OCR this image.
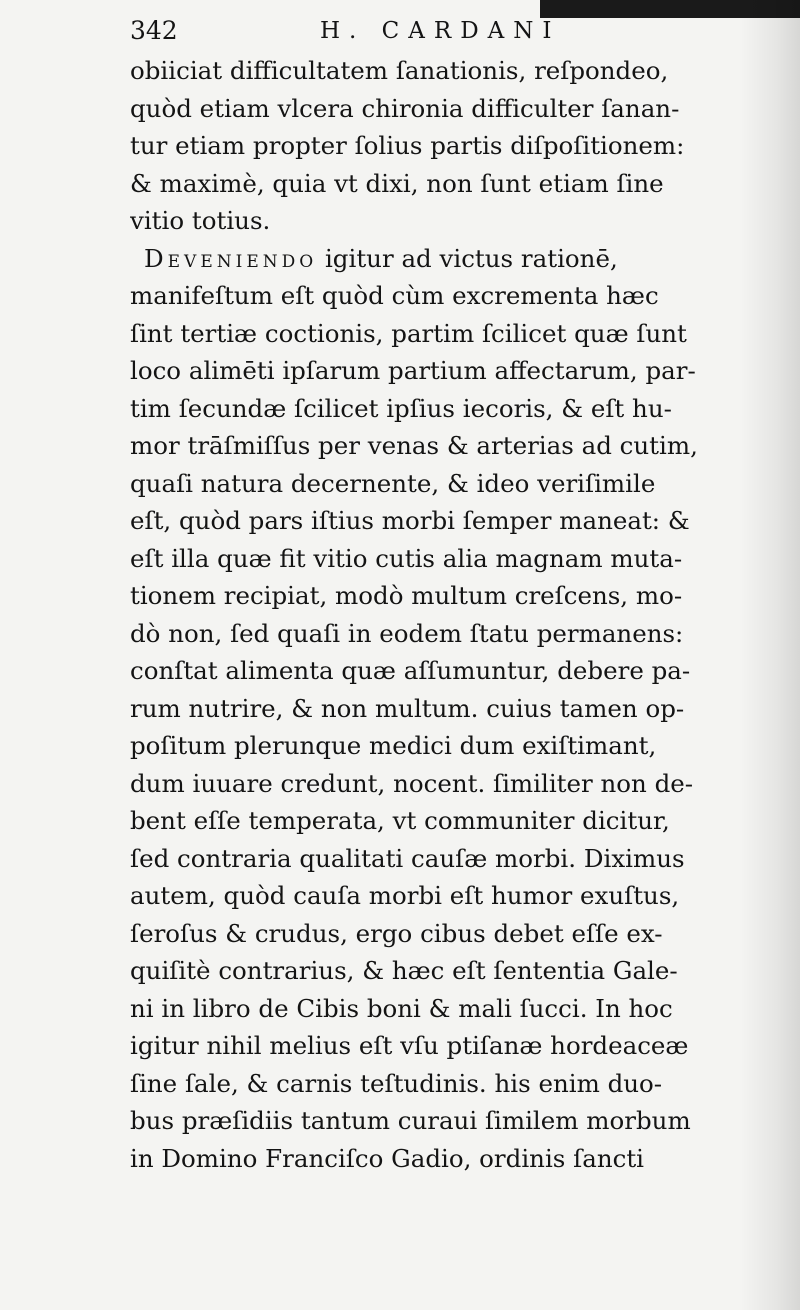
342	H. CARDANI
obiiciat difficultatem ſanationis, reſpondeo,
quòd etiam vlcera chironia difficulter ſanan-
tur etiam propter ſolius partis diſpoſitionem:
& maximè, quia vt dixi, non ſunt etiam ſine
vitio totius.
Deveniendo igitur ad victus rationē,
manifeſtum eſt quòd cùm excrementa hæc
ſint tertiæ coctionis, partim ſcilicet quæ ſunt
loco alimēti ipſarum partium affectarum, par-
tim ſecundæ ſcilicet ipſius iecoris, & eſt hu-
mor trāſmiſſus per venas & arterias ad cutim,
quaſi natura decernente, & ideo veriſimile
eſt, quòd pars iſtius morbi ſemper maneat: &
eſt illa quæ fit vitio cutis alia magnam muta-
tionem recipiat, modò multum creſcens, mo-
dò non, ſed quaſi in eodem ſtatu permanens:
conſtat alimenta quæ aſſumuntur, debere pa-
rum nutrire, & non multum. cuius tamen op-
poſitum plerunque medici dum exiſtimant,
dum iuuare credunt, nocent. ſimiliter non de-
bent eſſe temperata, vt communiter dicitur,
ſed contraria qualitati cauſæ morbi. Diximus
autem, quòd cauſa morbi eſt humor exuſtus,
ſeroſus & crudus, ergo cibus debet eſſe ex-
quiſitè contrarius, & hæc eſt ſententia Gale-
ni in libro de Cibis boni & mali ſucci. In hoc
igitur nihil melius eſt vſu ptiſanæ hordeaceæ
ſine ſale, & carnis teſtudinis. his enim duo-
bus præſidiis tantum curaui ſimilem morbum
in Domino Franciſco Gadio, ordinis ſancti
